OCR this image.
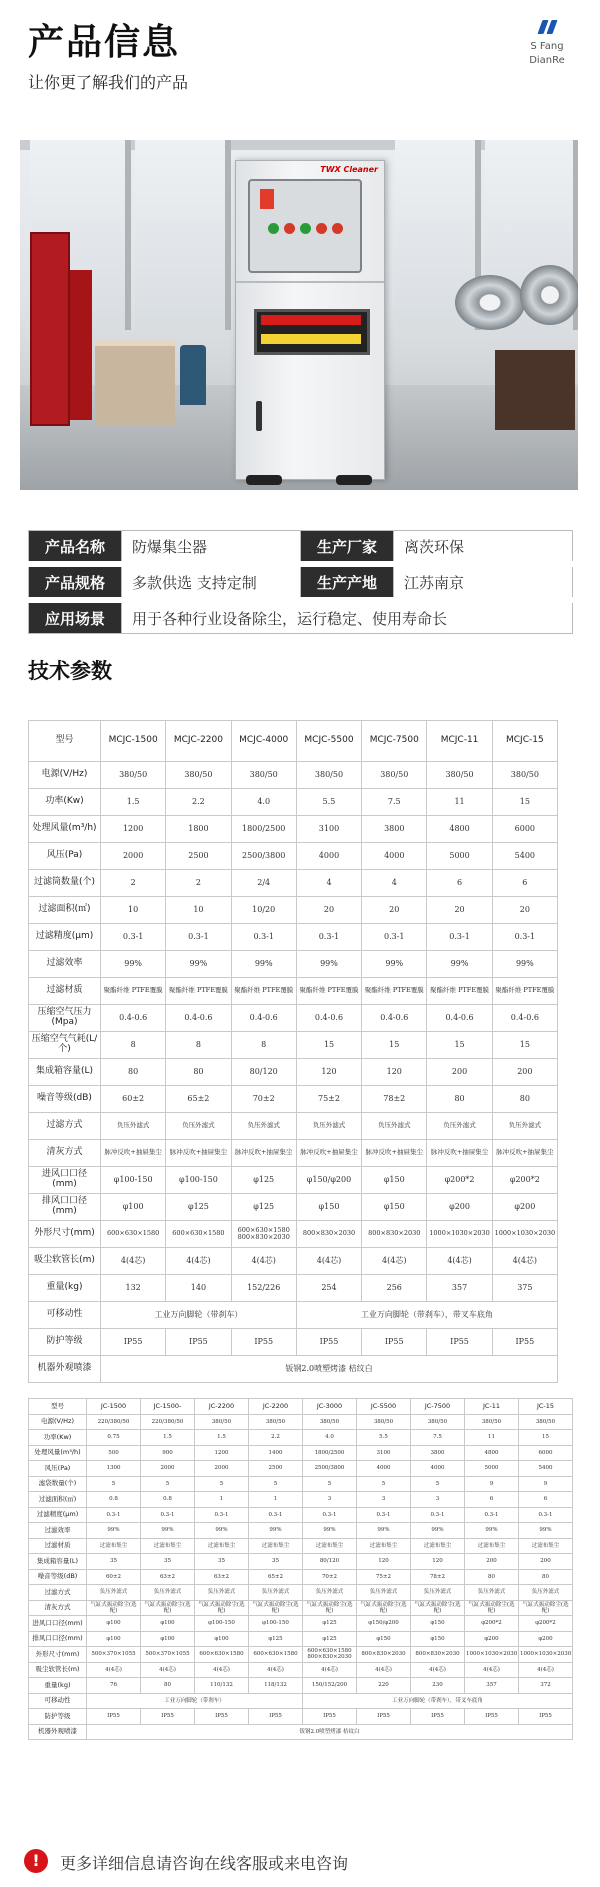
产品信息
让你更了解我们的产品
S Fang
DianRe
TWX Cleaner
产品名称	防爆集尘器	生产厂家	离茨环保
产品规格	多款供选 支持定制	生产产地	江苏南京
应用场景	用于各种行业设备除尘，运行稳定、使用寿命长		
技术参数
型号	MCJC-1500	MCJC-2200	MCJC-4000	MCJC-5500	MCJC-7500	MCJC-11	MCJC-15
电源(V/Hz)	380/50	380/50	380/50	380/50	380/50	380/50	380/50
功率(Kw)	1.5	2.2	4.0	5.5	7.5	11	15
处理风量(m³/h)	1200	1800	1800/2500	3100	3800	4800	6000
风压(Pa)	2000	2500	2500/3800	4000	4000	5000	5400
过滤筒数量(个)	2	2	2/4	4	4	6	6
过滤面积(㎡)	10	10	10/20	20	20	20	20
过滤精度(μm)	0.3-1	0.3-1	0.3-1	0.3-1	0.3-1	0.3-1	0.3-1
过滤效率	99%	99%	99%	99%	99%	99%	99%
过滤材质	聚酯纤维 PTFE覆膜	聚酯纤维 PTFE覆膜	聚酯纤维 PTFE覆膜	聚酯纤维 PTFE覆膜	聚酯纤维 PTFE覆膜	聚酯纤维 PTFE覆膜	聚酯纤维 PTFE覆膜
压缩空气压力(Mpa)	0.4-0.6	0.4-0.6	0.4-0.6	0.4-0.6	0.4-0.6	0.4-0.6	0.4-0.6
压缩空气气耗(L/个)	8	8	8	15	15	15	15
集成箱容量(L)	80	80	80/120	120	120	200	200
噪音等级(dB)	60±2	65±2	70±2	75±2	78±2	80	80
过滤方式	负压外滤式	负压外滤式	负压外滤式	负压外滤式	负压外滤式	负压外滤式	负压外滤式
清灰方式	脉冲反吹+抽屉集尘	脉冲反吹+抽屉集尘	脉冲反吹+抽屉集尘	脉冲反吹+抽屉集尘	脉冲反吹+抽屉集尘	脉冲反吹+抽屉集尘	脉冲反吹+抽屉集尘
进风口口径(mm)	φ100-150	φ100-150	φ125	φ150/φ200	φ150	φ200*2	φ200*2
排风口口径(mm)	φ100	φ125	φ125	φ150	φ150	φ200	φ200
外形尺寸(mm)	600×630×1580	600×630×1580	600×630×1580 800×830×2030	800×830×2030	800×830×2030	1000×1030×2030	1000×1030×2030
吸尘软管长(m)	4(4芯)	4(4芯)	4(4芯)	4(4芯)	4(4芯)	4(4芯)	4(4芯)
重量(kg)	132	140	152/226	254	256	357	375
可移动性	工业万向脚轮（带刹车）			工业万向脚轮（带刹车），带叉车底角			
防护等级	IP55	IP55	IP55	IP55	IP55	IP55	IP55
机器外观喷漆	钣钢2.0喷塑烤漆 桔纹白						
型号	JC-1500	JC-1500-	JC-2200	JC-2200	JC-3000	JC-5500	JC-7500	JC-11	JC-15
电源(V/Hz)	220/380/50	220/380/50	380/50	380/50	380/50	380/50	380/50	380/50	380/50
功率(Kw)	0.75	1.5	1.5	2.2	4.0	5.5	7.5	11	15
处理风量(m³/h)	500	900	1200	1400	1800/2500	3100	3800	4800	6000
风压(Pa)	1300	2000	2000	2500	2500/3800	4000	4000	5000	5400
滤袋数量(个)	5	5	5	5	5	5	5	9	9
过滤面积(㎡)	0.8	0.8	1	1	3	3	3	6	6
过滤精度(μm)	0.3-1	0.3-1	0.3-1	0.3-1	0.3-1	0.3-1	0.3-1	0.3-1	0.3-1
过滤效率	99%	99%	99%	99%	99%	99%	99%	99%	99%
过滤材质	过滤布集尘	过滤布集尘	过滤布集尘	过滤布集尘	过滤布集尘	过滤布集尘	过滤布集尘	过滤布集尘	过滤布集尘
集成箱容量(L)	35	35	35	35	80/120	120	120	200	200
噪音等级(dB)	60±2	63±2	63±2	65±2	70±2	75±2	78±2	80	80
过滤方式	负压外滤式	负压外滤式	负压外滤式	负压外滤式	负压外滤式	负压外滤式	负压外滤式	负压外滤式	负压外滤式
清灰方式	气缸式振动除尘(选配)	气缸式振动除尘(选配)	气缸式振动除尘(选配)	气缸式振动除尘(选配)	气缸式振动除尘(选配)	气缸式振动除尘(选配)	气缸式振动除尘(选配)	气缸式振动除尘(选配)	气缸式振动除尘(选配)
进风口口径(mm)	φ100	φ100	φ100-150	φ100-150	φ125	φ150/φ200	φ150	φ200*2	φ200*2
排风口口径(mm)	φ100	φ100	φ100	φ125	φ125	φ150	φ150	φ200	φ200
外形尺寸(mm)	500×370×1055	500×370×1055	600×630×1580	600×630×1580	600×630×1580 800×830×2030	800×830×2030	800×830×2030	1000×1030×2030	1000×1030×2030
吸尘软管长(m)	4(4芯)	4(4芯)	4(4芯)	4(4芯)	4(4芯)	4(4芯)	4(4芯)	4(4芯)	4(4芯)
重量(kg)	76	80	110/132	118/132	150/152/200	220	230	357	372
可移动性	工业万向脚轮（带刹车）				工业万向脚轮（带刹车），带叉车底角				
防护等级	IP55	IP55	IP55	IP55	IP55	IP55	IP55	IP55	IP55
机器外观喷漆	钣钢2.0喷塑烤漆 桔纹白								
!	更多详细信息请咨询在线客服或来电咨询
